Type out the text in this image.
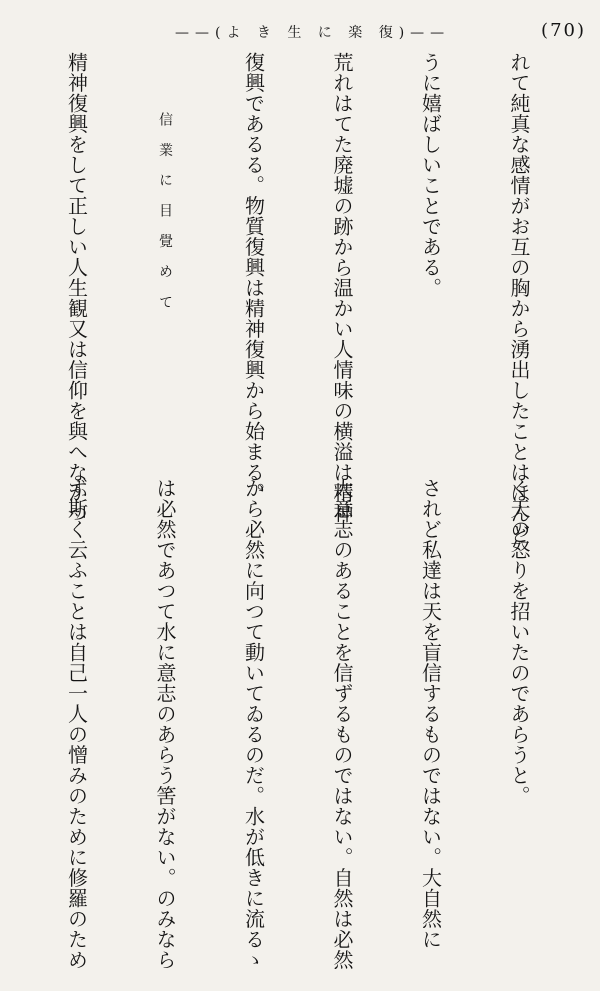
——(よ き 生 に 楽 復)——	(70)

れて純真な感情がお互の胸から湧出したことはほんど

うに嬉ばしいことである。

荒れはてた廃墟の跡から温かい人情味の横溢は精神

復興であるる。物質復興は精神復興から始まる。

信 業 に 目 覺 め て

精神復興をして正しい人生観又は信仰を與へなかつ

く天の怒りを招いたのであらうと。

されど私達は天を盲信するものではない。大自然に

大意志のあることを信ずるものではない。自然は必然

から必然に向つて動いてゐるのだ。水が低きに流るゝ

は必然であつて水に意志のあらう筈がない。のみなら

ず斯く云ふことは自己一人の憎みのために修羅のため
